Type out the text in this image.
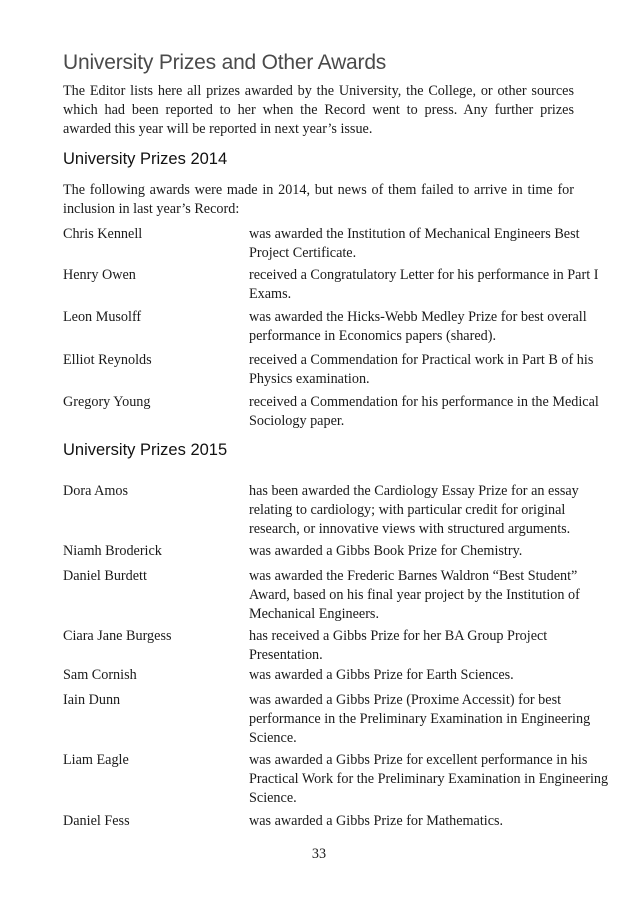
University Prizes and Other Awards
The Editor lists here all prizes awarded by the University, the College, or other sources which had been reported to her when the Record went to press. Any further prizes awarded this year will be reported in next year’s issue.
University Prizes 2014
The following awards were made in 2014, but news of them failed to arrive in time for inclusion in last year’s Record:
Chris Kennell	was awarded the Institution of Mechanical Engineers Best Project Certificate.
Henry Owen	received a Congratulatory Letter for his performance in Part I Exams.
Leon Musolff	was awarded the Hicks-Webb Medley Prize for best overall performance in Economics papers (shared).
Elliot Reynolds	received a Commendation for Practical work in Part B of his Physics examination.
Gregory Young	received a Commendation for his performance in the Medical Sociology paper.
University Prizes 2015
Dora Amos	has been awarded the Cardiology Essay Prize for an essay relating to cardiology; with particular credit for original research, or innovative views with structured arguments.
Niamh Broderick	was awarded a Gibbs Book Prize for Chemistry.
Daniel Burdett	was awarded the Frederic Barnes Waldron “Best Student” Award, based on his final year project by the Institution of Mechanical Engineers.
Ciara Jane Burgess	has received a Gibbs Prize for her BA Group Project Presentation.
Sam Cornish	was awarded a Gibbs Prize for Earth Sciences.
Iain Dunn	was awarded a Gibbs Prize (Proxime Accessit) for best performance in the Preliminary Examination in Engineering Science.
Liam Eagle	was awarded a Gibbs Prize for excellent performance in his Practical Work for the Preliminary Examination in Engineering Science.
Daniel Fess	was awarded a Gibbs Prize for Mathematics.
33
